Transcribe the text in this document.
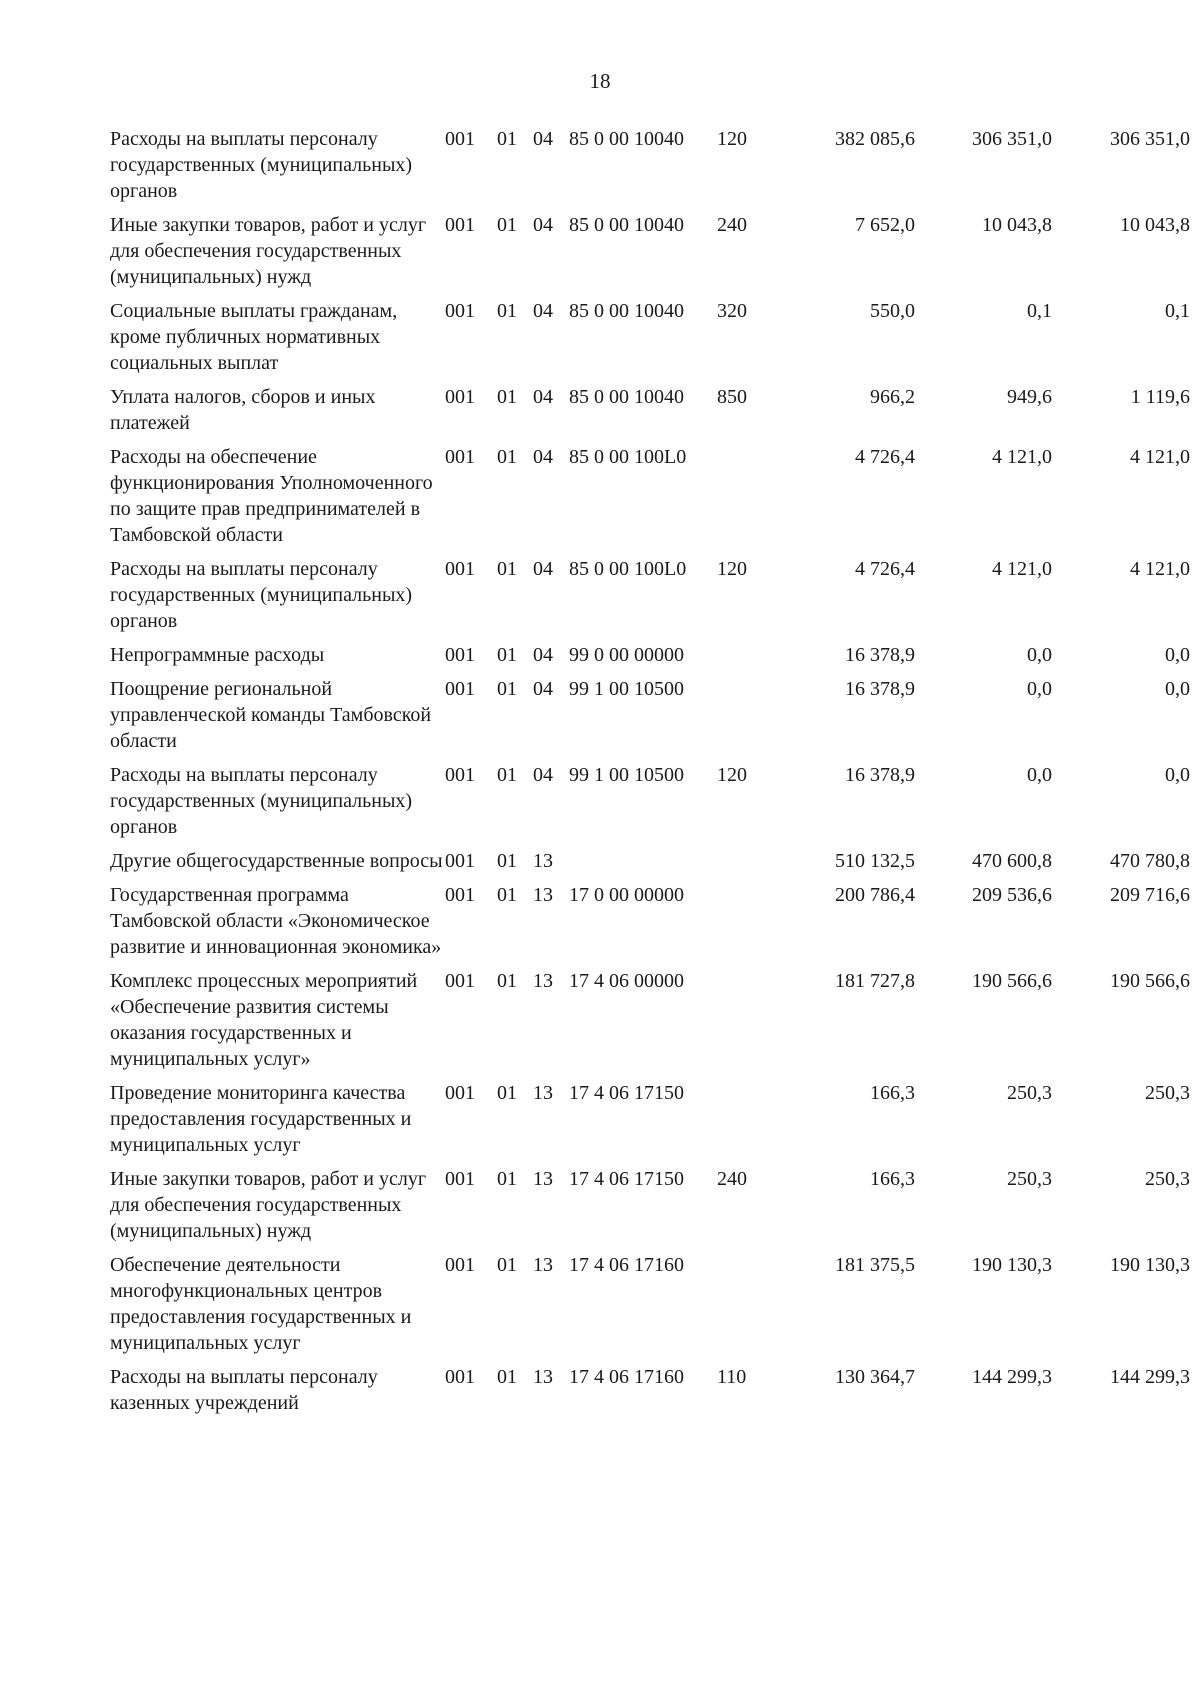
18
Расходы на выплаты персоналу государственных (муниципальных) органов	001	01	04	85 0 00 10040	120	382 085,6	306 351,0	306 351,0
Иные закупки товаров, работ и услуг для обеспечения государственных (муниципальных) нужд	001	01	04	85 0 00 10040	240	7 652,0	10 043,8	10 043,8
Социальные выплаты гражданам, кроме публичных нормативных социальных выплат	001	01	04	85 0 00 10040	320	550,0	0,1	0,1
Уплата налогов, сборов и иных платежей	001	01	04	85 0 00 10040	850	966,2	949,6	1 119,6
Расходы на обеспечение функционирования Уполномоченного по защите прав предпринимателей в Тамбовской области	001	01	04	85 0 00 100L0		4 726,4	4 121,0	4 121,0
Расходы на выплаты персоналу государственных (муниципальных) органов	001	01	04	85 0 00 100L0	120	4 726,4	4 121,0	4 121,0
Непрограммные расходы	001	01	04	99 0 00 00000		16 378,9	0,0	0,0
Поощрение региональной управленческой команды Тамбовской области	001	01	04	99 1 00 10500		16 378,9	0,0	0,0
Расходы на выплаты персоналу государственных (муниципальных) органов	001	01	04	99 1 00 10500	120	16 378,9	0,0	0,0
Другие общегосударственные вопросы	001	01	13			510 132,5	470 600,8	470 780,8
Государственная программа Тамбовской области «Экономическое развитие и инновационная экономика»	001	01	13	17 0 00 00000		200 786,4	209 536,6	209 716,6
Комплекс процессных мероприятий «Обеспечение развития системы оказания государственных и муниципальных услуг»	001	01	13	17 4 06 00000		181 727,8	190 566,6	190 566,6
Проведение мониторинга качества предоставления государственных и муниципальных услуг	001	01	13	17 4 06 17150		166,3	250,3	250,3
Иные закупки товаров, работ и услуг для обеспечения государственных (муниципальных) нужд	001	01	13	17 4 06 17150	240	166,3	250,3	250,3
Обеспечение деятельности многофункциональных центров предоставления государственных и муниципальных услуг	001	01	13	17 4 06 17160		181 375,5	190 130,3	190 130,3
Расходы на выплаты персоналу казенных учреждений	001	01	13	17 4 06 17160	110	130 364,7	144 299,3	144 299,3
